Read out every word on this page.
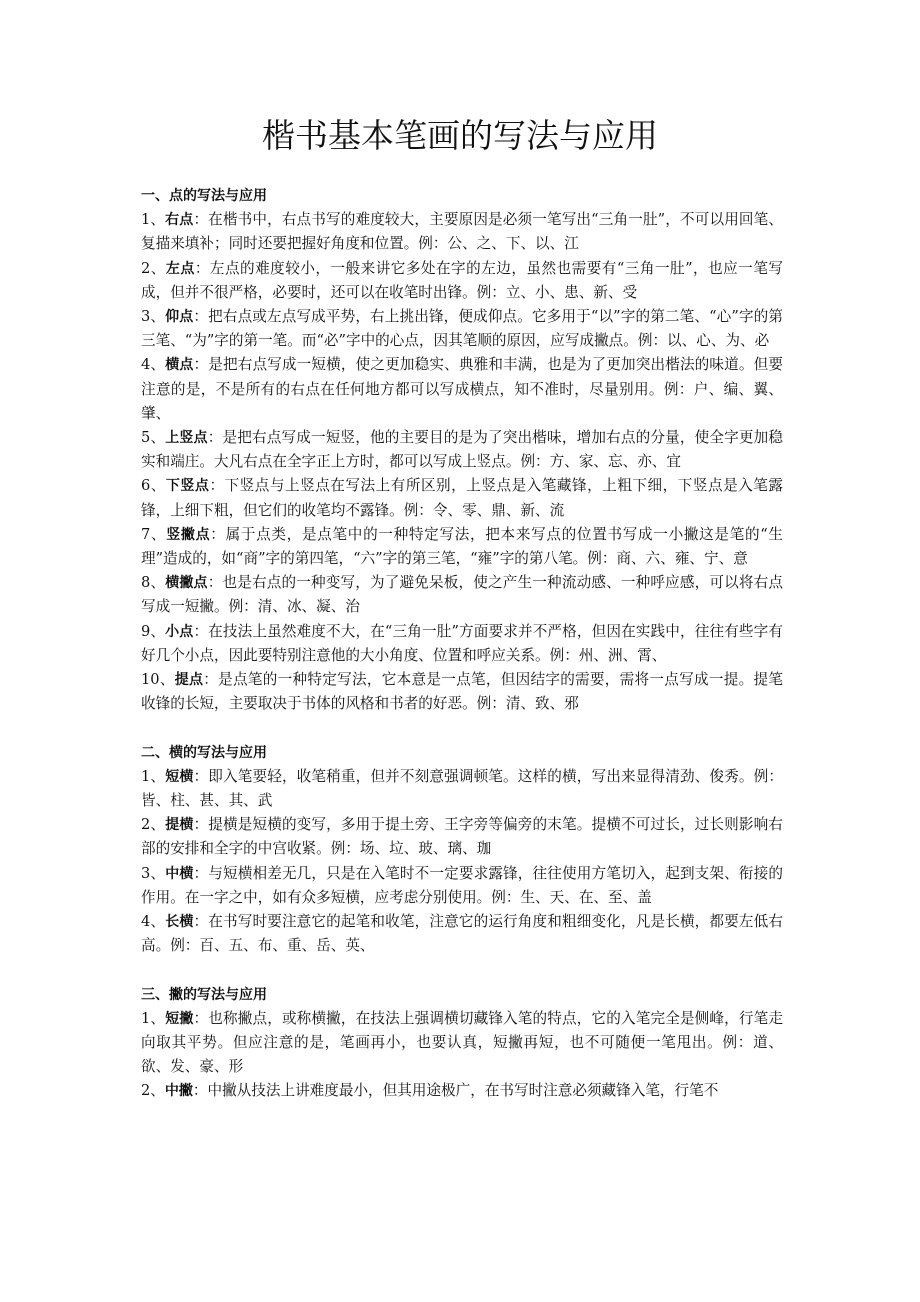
楷书基本笔画的写法与应用
一、点的写法与应用
1、右点：在楷书中，右点书写的难度较大，主要原因是必须一笔写出“三角一肚”，不可以用回笔、复描来填补；同时还要把握好角度和位置。例：公、之、下、以、江
2、左点：左点的难度较小，一般来讲它多处在字的左边，虽然也需要有“三角一肚”，也应一笔写成，但并不很严格，必要时，还可以在收笔时出锋。例：立、小、患、新、受
3、仰点：把右点或左点写成平势，右上挑出锋，便成仰点。它多用于“以”字的第二笔、“心”字的第三笔、“为”字的第一笔。而“必”字中的心点，因其笔顺的原因，应写成撇点。例：以、心、为、必
4、横点：是把右点写成一短横，使之更加稳实、典雅和丰满，也是为了更加突出楷法的味道。但要注意的是，不是所有的右点在任何地方都可以写成横点，知不准时，尽量别用。例：户、编、翼、肇、
5、上竖点：是把右点写成一短竖，他的主要目的是为了突出楷味，增加右点的分量，使全字更加稳实和端庄。大凡右点在全字正上方时，都可以写成上竖点。例：方、家、忘、亦、宜
6、下竖点：下竖点与上竖点在写法上有所区别，上竖点是入笔藏锋，上粗下细，下竖点是入笔露锋，上细下粗，但它们的收笔均不露锋。例：令、零、鼎、新、流
7、竖撇点：属于点类，是点笔中的一种特定写法，把本来写点的位置书写成一小撇这是笔的“生理”造成的，如“商”字的第四笔，“六”字的第三笔，“雍”字的第八笔。例：商、六、雍、宁、意
8、横撇点：也是右点的一种变写，为了避免呆板，使之产生一种流动感、一种呼应感，可以将右点写成一短撇。例：清、冰、凝、治
9、小点：在技法上虽然难度不大，在“三角一肚”方面要求并不严格，但因在实践中，往往有些字有好几个小点，因此要特别注意他的大小角度、位置和呼应关系。例：州、洲、霄、
10、提点：是点笔的一种特定写法，它本意是一点笔，但因结字的需要，需将一点写成一提。提笔收锋的长短，主要取决于书体的风格和书者的好恶。例：清、致、邪
二、横的写法与应用
1、短横：即入笔要轻，收笔稍重，但并不刻意强调顿笔。这样的横，写出来显得清劲、俊秀。例：皆、柱、甚、其、武
2、提横：提横是短横的变写，多用于提土旁、王字旁等偏旁的末笔。提横不可过长，过长则影响右部的安排和全字的中宫收紧。例：场、垃、玻、璃、珈
3、中横：与短横相差无几，只是在入笔时不一定要求露锋，往往使用方笔切入，起到支架、衔接的作用。在一字之中，如有众多短横，应考虑分别使用。例：生、天、在、至、盖
4、长横：在书写时要注意它的起笔和收笔，注意它的运行角度和粗细变化，凡是长横，都要左低右高。例：百、五、布、重、岳、英、
三、撇的写法与应用
1、短撇：也称撇点，或称横撇，在技法上强调横切藏锋入笔的特点，它的入笔完全是侧峰，行笔走向取其平势。但应注意的是，笔画再小，也要认真，短撇再短，也不可随便一笔甩出。例：道、欲、发、豪、形
2、中撇：中撇从技法上讲难度最小，但其用途极广，在书写时注意必须藏锋入笔，行笔不
